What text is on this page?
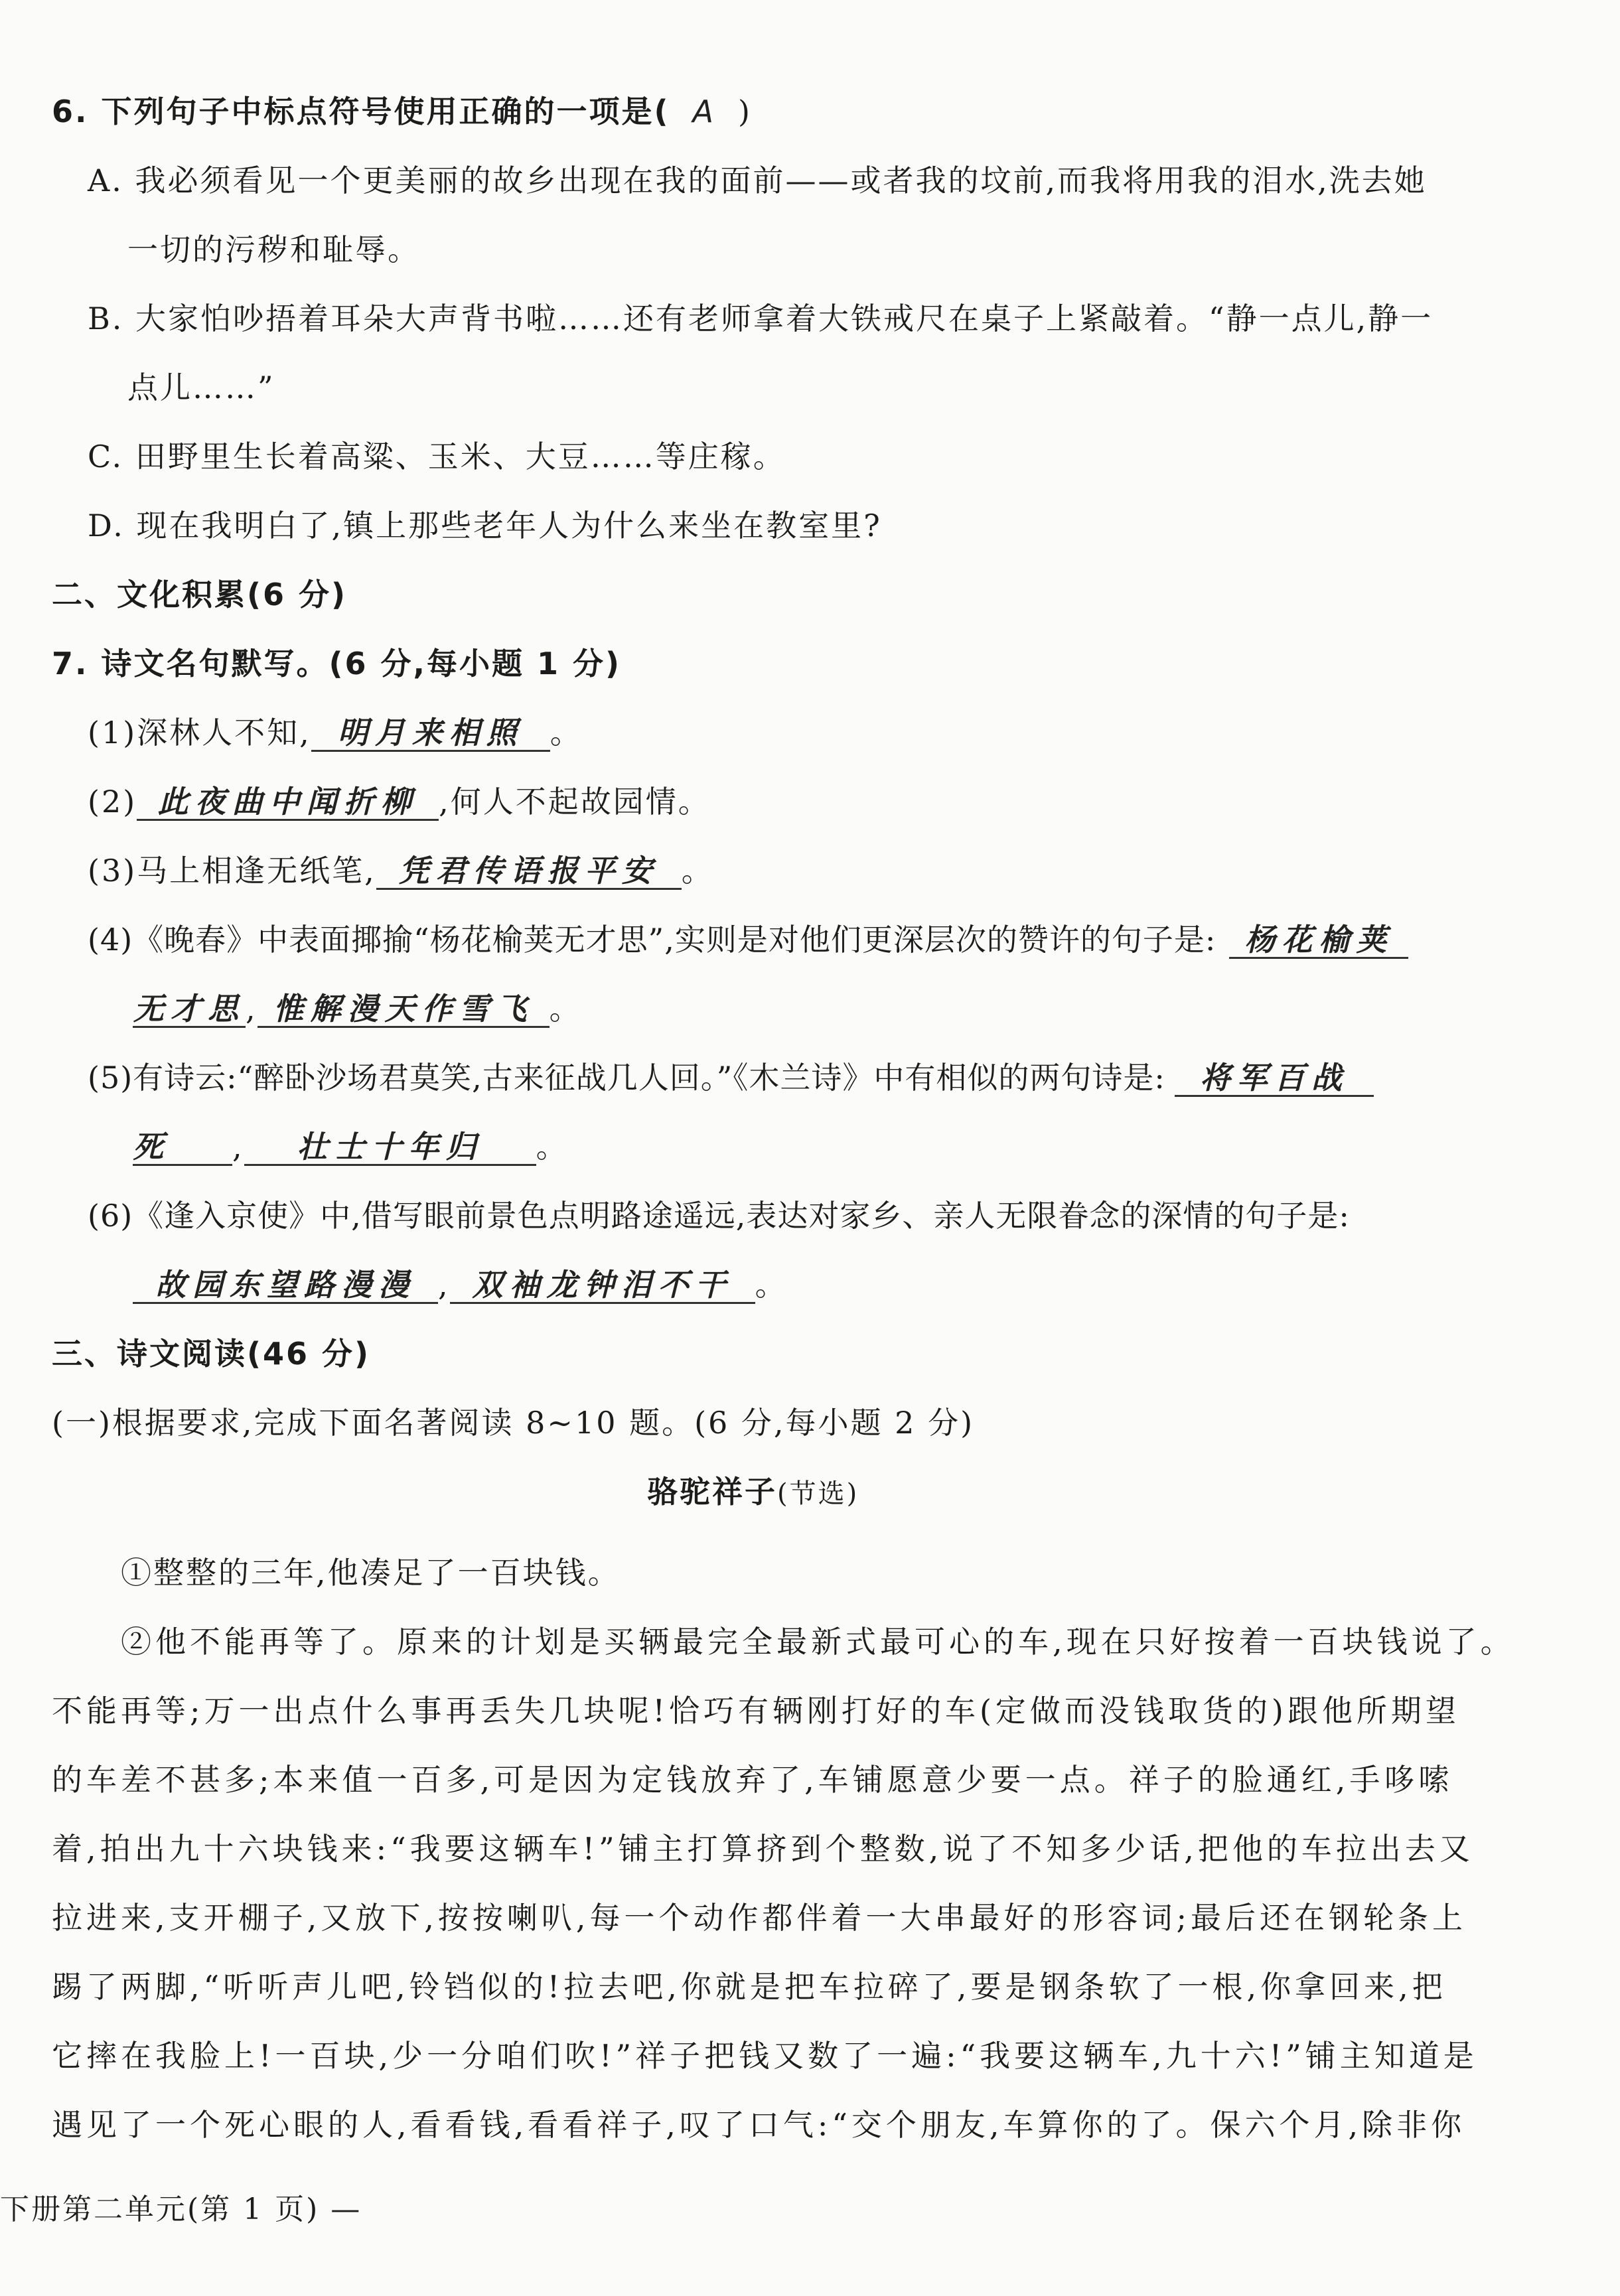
6. 下列句子中标点符号使用正确的一项是( A )
A. 我必须看见一个更美丽的故乡出现在我的面前——或者我的坟前,而我将用我的泪水,洗去她
一切的污秽和耻辱。
B. 大家怕吵捂着耳朵大声背书啦……还有老师拿着大铁戒尺在桌子上紧敲着。“静一点儿,静一
点儿……”
C. 田野里生长着高粱、玉米、大豆……等庄稼。
D. 现在我明白了,镇上那些老年人为什么来坐在教室里?
二、文化积累(6 分)
7. 诗文名句默写。(6 分,每小题 1 分)
(1)深林人不知, 明月来相照 。
(2) 此夜曲中闻折柳 ,何人不起故园情。
(3)马上相逢无纸笔, 凭君传语报平安 。
(4)《晚春》中表面揶揄“杨花榆荚无才思”,实则是对他们更深层次的赞许的句子是: 杨花榆荚
无才思, 惟解漫天作雪飞 。
(5)有诗云:“醉卧沙场君莫笑,古来征战几人回。”《木兰诗》中有相似的两句诗是: 将军百战
死 , 壮士十年归 。
(6)《逢入京使》中,借写眼前景色点明路途遥远,表达对家乡、亲人无限眷念的深情的句子是:
故园东望路漫漫 , 双袖龙钟泪不干 。
三、诗文阅读(46 分)
(一)根据要求,完成下面名著阅读 8~10 题。(6 分,每小题 2 分)
骆驼祥子(节选)
①整整的三年,他凑足了一百块钱。
②他不能再等了。原来的计划是买辆最完全最新式最可心的车,现在只好按着一百块钱说了。
不能再等;万一出点什么事再丢失几块呢!恰巧有辆刚打好的车(定做而没钱取货的)跟他所期望
的车差不甚多;本来值一百多,可是因为定钱放弃了,车铺愿意少要一点。祥子的脸通红,手哆嗦
着,拍出九十六块钱来:“我要这辆车!”铺主打算挤到个整数,说了不知多少话,把他的车拉出去又
拉进来,支开棚子,又放下,按按喇叭,每一个动作都伴着一大串最好的形容词;最后还在钢轮条上
踢了两脚,“听听声儿吧,铃铛似的!拉去吧,你就是把车拉碎了,要是钢条软了一根,你拿回来,把
它摔在我脸上!一百块,少一分咱们吹!”祥子把钱又数了一遍:“我要这辆车,九十六!”铺主知道是
遇见了一个死心眼的人,看看钱,看看祥子,叹了口气:“交个朋友,车算你的了。保六个月,除非你
下册第二单元(第 1 页) —
